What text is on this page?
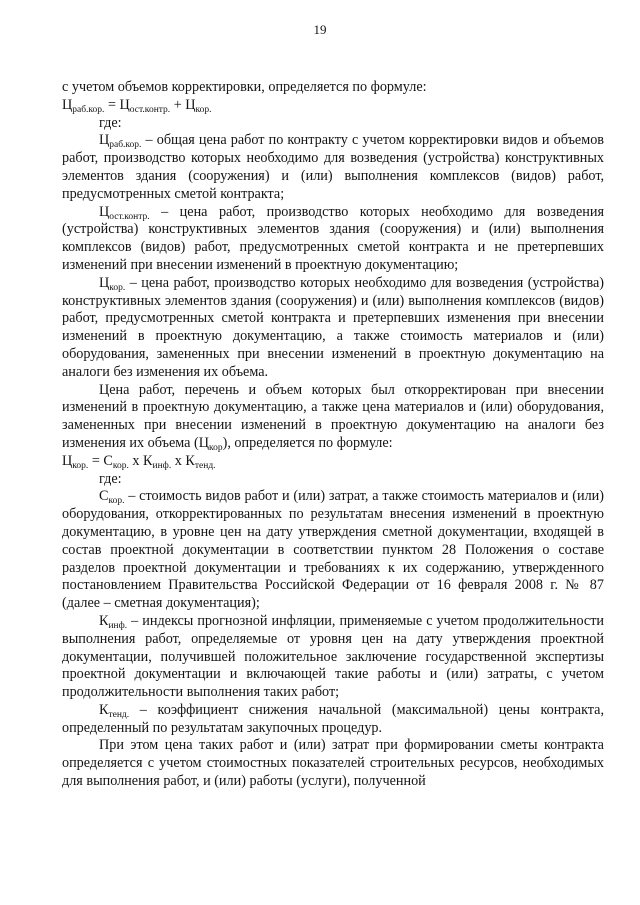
19

с учетом объемов корректировки, определяется по формуле:

$Ц_{раб.кор.} = Ц_{ост.контр.} + Ц_{кор.}$

где:

$Ц_{раб.кор.}$ – общая цена работ по контракту с учетом корректировки видов и объемов работ, производство которых необходимо для возведения (устройства) конструктивных элементов здания (сооружения) и (или) выполнения комплексов (видов) работ, предусмотренных сметой контракта;

$Ц_{ост.контр.}$ – цена работ, производство которых необходимо для возведения (устройства) конструктивных элементов здания (сооружения) и (или) выполнения комплексов (видов) работ, предусмотренных сметой контракта и не претерпевших изменений при внесении изменений в проектную документацию;

$Ц_{кор.}$ – цена работ, производство которых необходимо для возведения (устройства) конструктивных элементов здания (сооружения) и (или) выполнения комплексов (видов) работ, предусмотренных сметой контракта и претерпевших изменения при внесении изменений в проектную документацию, а также стоимость материалов и (или) оборудования, замененных при внесении изменений в проектную документацию на аналоги без изменения их объема.

Цена работ, перечень и объем которых был откорректирован при внесении изменений в проектную документацию, а также цена материалов и (или) оборудования, замененных при внесении изменений в проектную документацию на аналоги без изменения их объема $(Ц_{кор})$, определяется по формуле:

$Ц_{кор.} = С_{кор.}$ х $К_{инф.}$ х $К_{тенд.}$

где:

$С_{кор.}$ – стоимость видов работ и (или) затрат, а также стоимость материалов и (или) оборудования, откорректированных по результатам внесения изменений в проектную документацию, в уровне цен на дату утверждения сметной документации, входящей в состав проектной документации в соответствии пунктом 28 Положения о составе разделов проектной документации и требованиях к их содержанию, утвержденного постановлением Правительства Российской Федерации от 16 февраля 2008 г. № 87 (далее – сметная документация);

$К_{инф.}$ – индексы прогнозной инфляции, применяемые с учетом продолжительности выполнения работ, определяемые от уровня цен на дату утверждения проектной документации, получившей положительное заключение государственной экспертизы проектной документации и включающей такие работы и (или) затраты, с учетом продолжительности выполнения таких работ;

$К_{тенд.}$ – коэффициент снижения начальной (максимальной) цены контракта, определенный по результатам закупочных процедур.

При этом цена таких работ и (или) затрат при формировании сметы контракта определяется с учетом стоимостных показателей строительных ресурсов, необходимых для выполнения работ, и (или) работы (услуги), полученной
